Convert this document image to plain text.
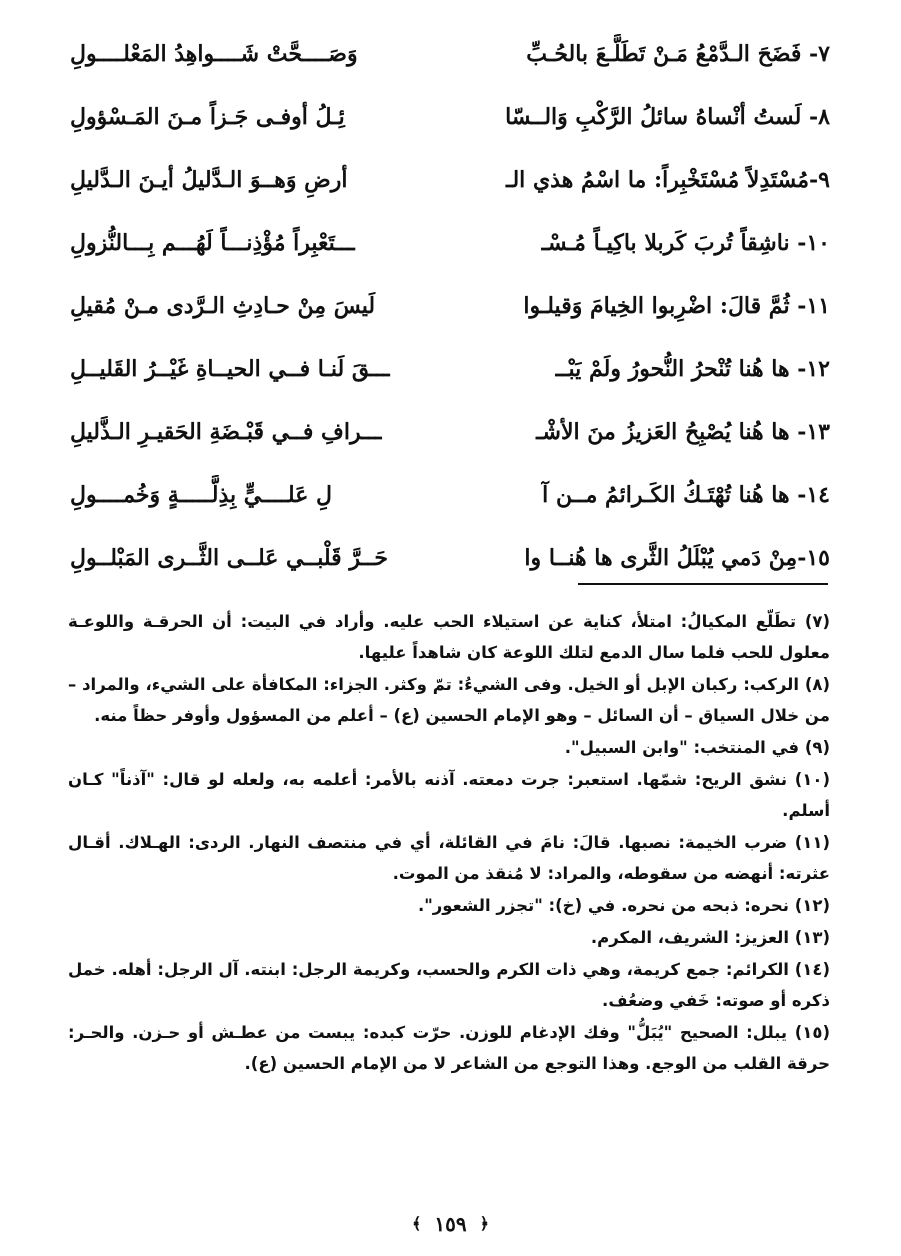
٧- فَضَحَ الـدَّمْعُ مَـنْ تَطَلَّـعَ بالحُـبِّ
وَصَــــحَّتْ شَــــواهِدُ المَعْلــــولِ
٨- لَستُ أنْساهُ سائلُ الرَّكْبِ وَالــسّا
ئِـلُ أوفـى جَـزاً مـنَ المَـسْؤولِ
٩-مُسْتَدِلاً مُسْتَخْبِراً: ما اسْمُ هذي الـ
أرضِ وَهــوَ الـدَّليلُ أيـنَ الـدَّليلِ
١٠- ناشِقاً تُربَ كَربلا باكِيـاً مُـسْـ
ـــتَعْبِراً مُؤْذِنـــاً لَهُـــم بِـــالنُّزولِ
١١- ثُمَّ قالَ: اضْرِبوا الخِيامَ وَقيلـوا
لَيسَ مِنْ حـادِثِ الـرَّدى مـنْ مُقيلِ
١٢- ها هُنا تُنْحرُ النُّحورُ ولَمْ يَبْــ
ـــقَ لَنـا فــي الحيــاةِ غَيْــرُ القَليــلِ
١٣- ها هُنا يُصْبِحُ العَزيزُ منَ الأشْـ
ـــرافِ فــي قَبْـضَةِ الحَقيـرِ الـذَّليلِ
١٤- ها هُنا تُهْتَـكُ الكَـرائمُ مــن آ
لِ عَلــــيٍّ بِذِلَّـــــةٍ وَخُمــــولِ
١٥-مِنْ دَمي يُبْلَلُ الثَّرى ها هُنــا وا
حَــرَّ قَلْبــي عَلــى الثَّــرى المَبْلــولِ

(٧) تطَلّع المكيالُ: امتلأ، كناية عن استيلاء الحب عليه. وأراد في البيت: أن الحرقـة واللوعـة معلول للحب فلما سال الدمع لتلك اللوعة كان شاهداً عليها.

(٨) الركب: ركبان الإبل أو الخيل. وفى الشيءُ: تمّ وكثر. الجزاء: المكافأة على الشيء، والمراد – من خلال السياق – أن السائل – وهو الإمام الحسين (ع) – أعلم من المسؤول وأوفر حظاً منه.

(٩) في المنتخب: "وابن السبيل".

(١٠) نشق الريح: شمّها. استعبر: جرت دمعته. آذنه بالأمر: أعلمه به، ولعله لو قال: "آذناً" كـان أسلم.

(١١) ضرب الخيمة: نصبها. قالَ: نامَ في القائلة، أي في منتصف النهار. الردى: الهـلاك. أقـال عثرته: أنهضه من سقوطه، والمراد: لا مُنقذ من الموت.

(١٢) نحره: ذبحه من نحره. في (خ): "تجزر الشعور".

(١٣) العزيز: الشريف، المكرم.

(١٤) الكرائم: جمع كريمة، وهي ذات الكرم والحسب، وكريمة الرجل: ابنته. آل الرجل: أهله. خمل ذكره أو صوته: خَفي وضعُف.

(١٥) يبلل: الصحيح "يُبَلُّ" وفك الإدغام للوزن. حرّت كبده: يبست من عطـش أو حـزن. والحـر: حرقة القلب من الوجع. وهذا التوجع من الشاعر لا من الإمام الحسين (ع).

﴾ ١٥٩ ﴿
